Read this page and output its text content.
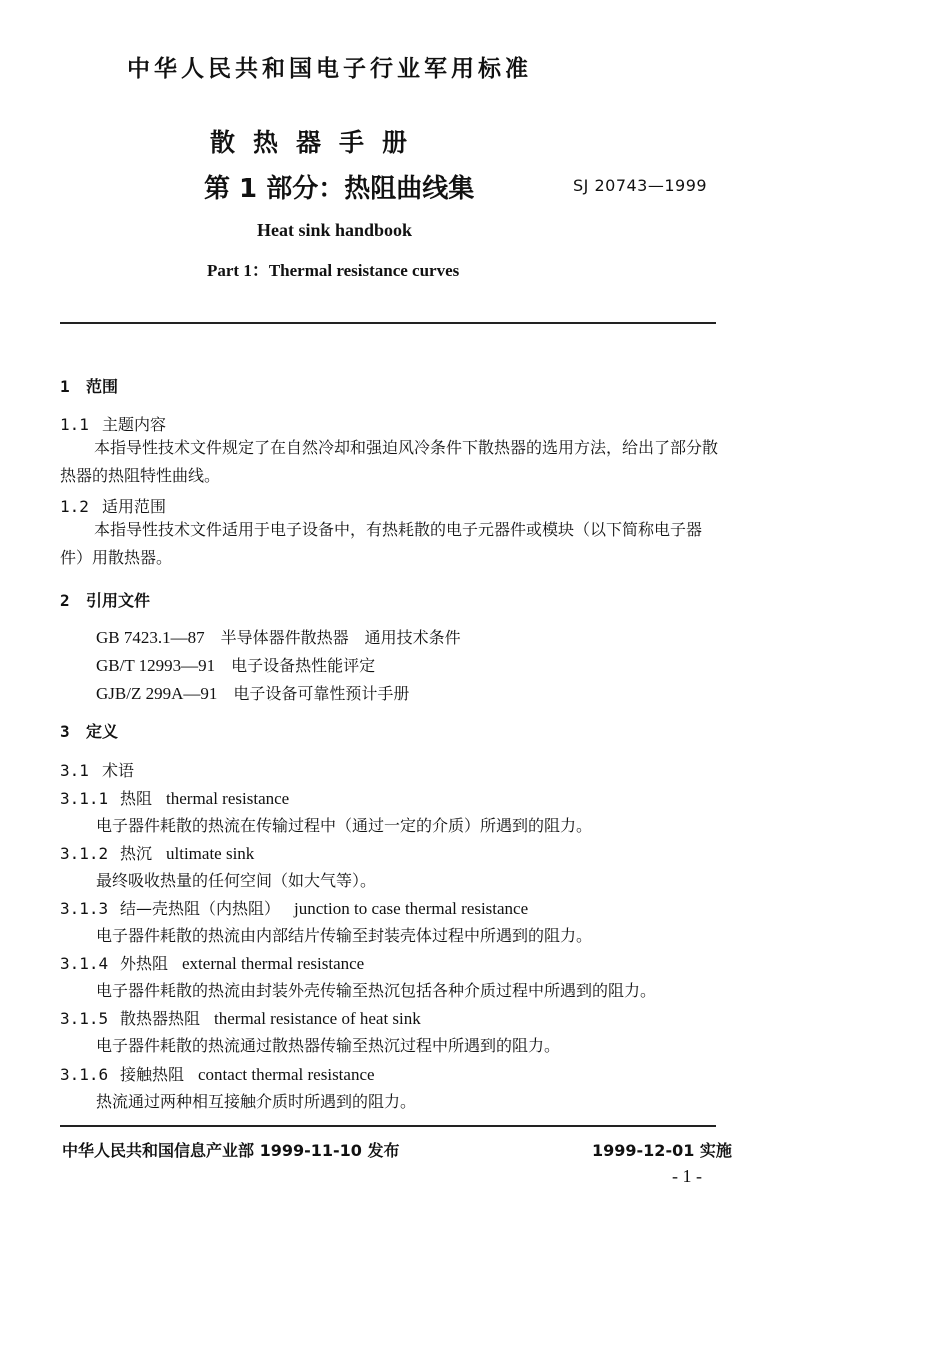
中华人民共和国电子行业军用标准
散热器手册
第 1 部分：热阻曲线集	SJ 20743—1999
Heat sink handbook
Part 1：Thermal resistance curves
1 范围
1.1 主题内容
本指导性技术文件规定了在自然冷却和强迫风冷条件下散热器的选用方法，给出了部分散热器的热阻特性曲线。
1.2 适用范围
本指导性技术文件适用于电子设备中，有热耗散的电子元器件或模块（以下简称电子器件）用散热器。
2 引用文件
GB 7423.1—87 半导体器件散热器　通用技术条件
GB/T 12993—91 电子设备热性能评定
GJB/Z 299A—91 电子设备可靠性预计手册
3 定义
3.1 术语
3.1.1 热阻 thermal resistance
电子器件耗散的热流在传输过程中（通过一定的介质）所遇到的阻力。
3.1.2 热沉 ultimate sink
最终吸收热量的任何空间（如大气等）。
3.1.3 结—壳热阻（内热阻） junction to case thermal resistance
电子器件耗散的热流由内部结片传输至封装壳体过程中所遇到的阻力。
3.1.4 外热阻 external thermal resistance
电子器件耗散的热流由封装外壳传输至热沉包括各种介质过程中所遇到的阻力。
3.1.5 散热器热阻 thermal resistance of heat sink
电子器件耗散的热流通过散热器传输至热沉过程中所遇到的阻力。
3.1.6 接触热阻 contact thermal resistance
热流通过两种相互接触介质时所遇到的阻力。
中华人民共和国信息产业部 1999-11-10 发布	1999-12-01 实施
- 1 -
